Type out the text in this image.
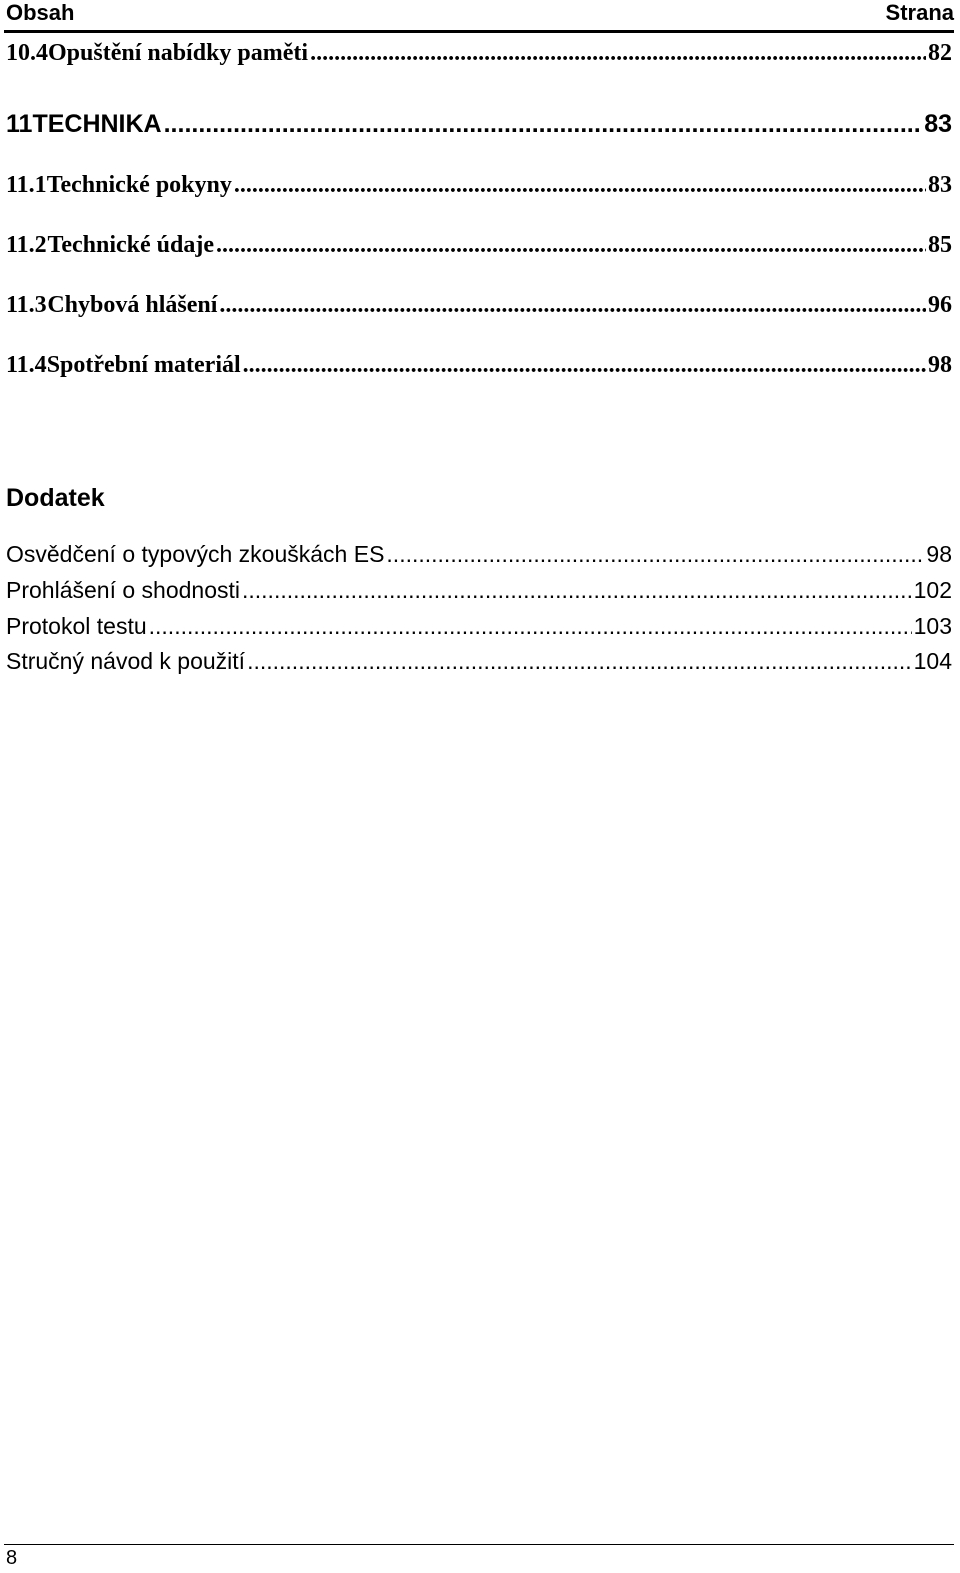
Obsah	Strana
10.4 Opuštění nabídky paměti .....	82
11 TECHNIKA .....	83
11.1 Technické pokyny .....	83
11.2 Technické údaje .....	85
11.3 Chybová hlášení .....	96
11.4 Spotřební materiál .....	98
Dodatek
Osvědčení o typových zkouškách ES .....	98
Prohlášení o shodnosti .....	102
Protokol testu .....	103
Stručný návod k použití .....	104
8
